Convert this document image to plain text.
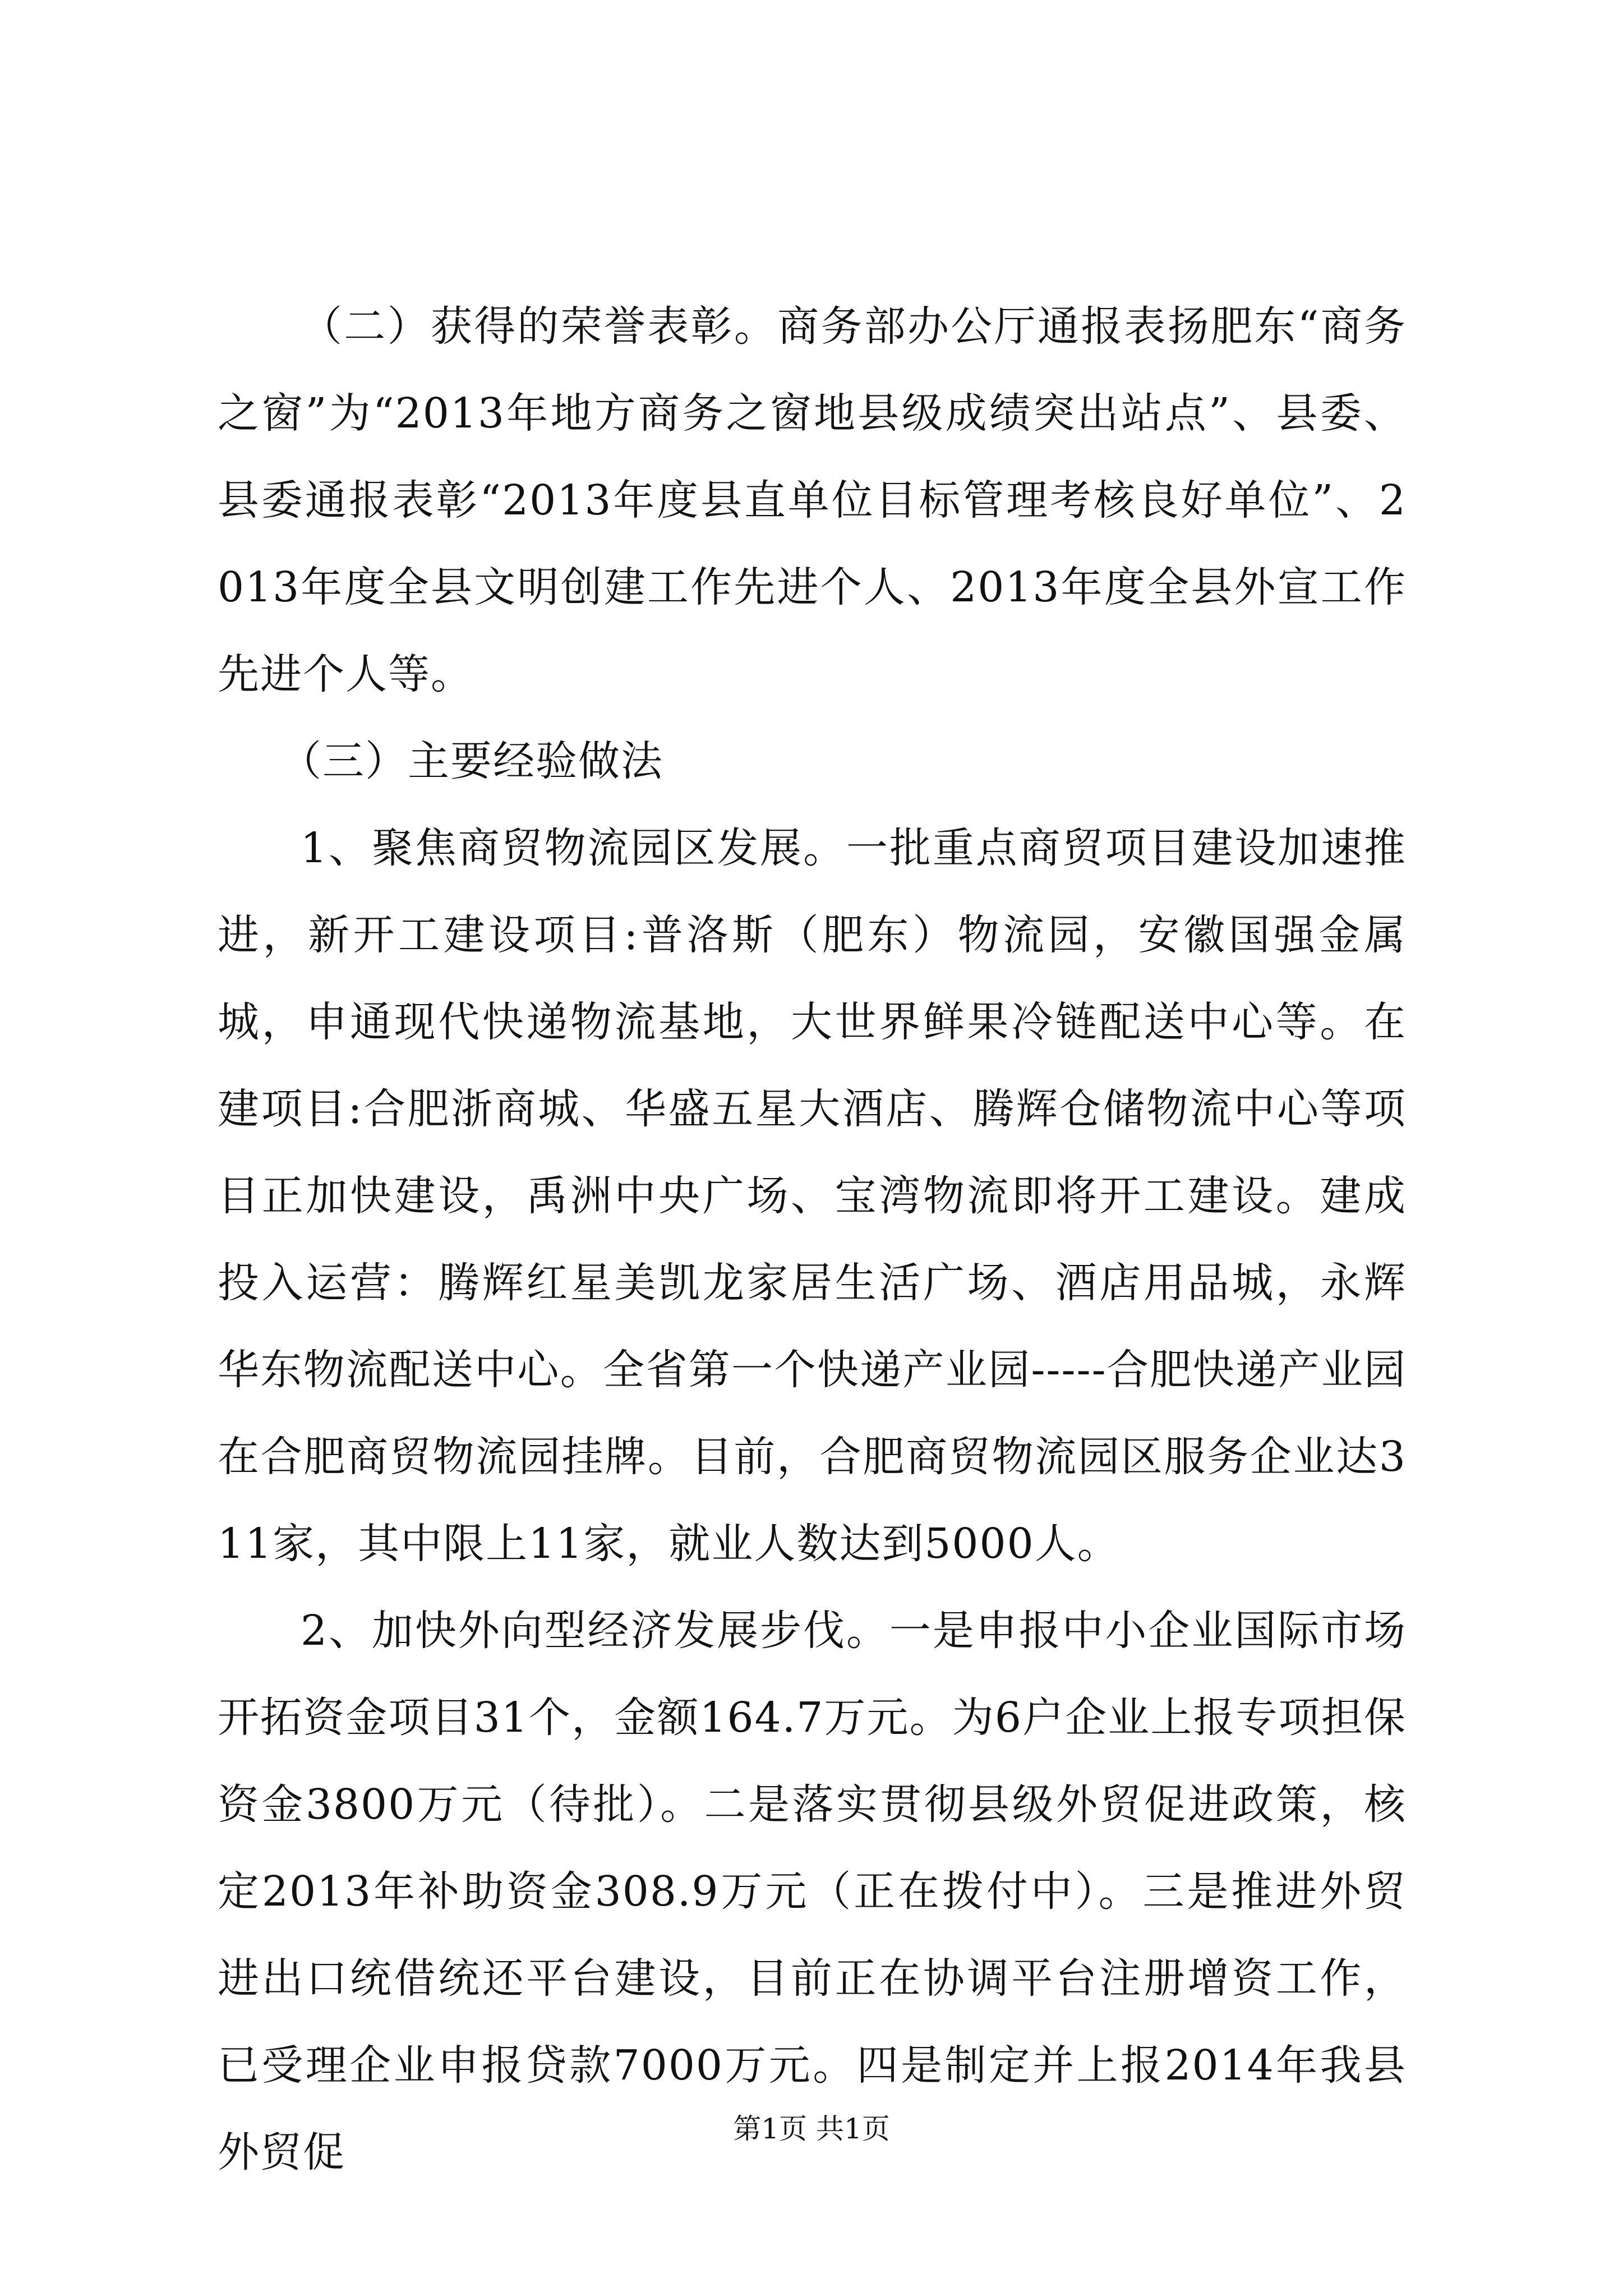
（二）获得的荣誉表彰。商务部办公厅通报表扬肥东“商务之窗”为“2013年地方商务之窗地县级成绩突出站点”、县委、县委通报表彰“2013年度县直单位目标管理考核良好单位”、2013年度全县文明创建工作先进个人、2013年度全县外宣工作先进个人等。

（三）主要经验做法

1、聚焦商贸物流园区发展。一批重点商贸项目建设加速推进，新开工建设项目:普洛斯（肥东）物流园，安徽国强金属城，申通现代快递物流基地，大世界鲜果冷链配送中心等。在建项目:合肥浙商城、华盛五星大酒店、腾辉仓储物流中心等项目正加快建设，禹洲中央广场、宝湾物流即将开工建设。建成投入运营：腾辉红星美凯龙家居生活广场、酒店用品城，永辉华东物流配送中心。全省第一个快递产业园-----合肥快递产业园在合肥商贸物流园挂牌。目前，合肥商贸物流园区服务企业达311家，其中限上11家，就业人数达到5000人。

2、加快外向型经济发展步伐。一是申报中小企业国际市场开拓资金项目31个，金额164.7万元。为6户企业上报专项担保资金3800万元（待批）。二是落实贯彻县级外贸促进政策，核定2013年补助资金308.9万元（正在拨付中）。三是推进外贸进出口统借统还平台建设，目前正在协调平台注册增资工作，已受理企业申报贷款7000万元。四是制定并上报2014年我县外贸促	第1页 共1页
